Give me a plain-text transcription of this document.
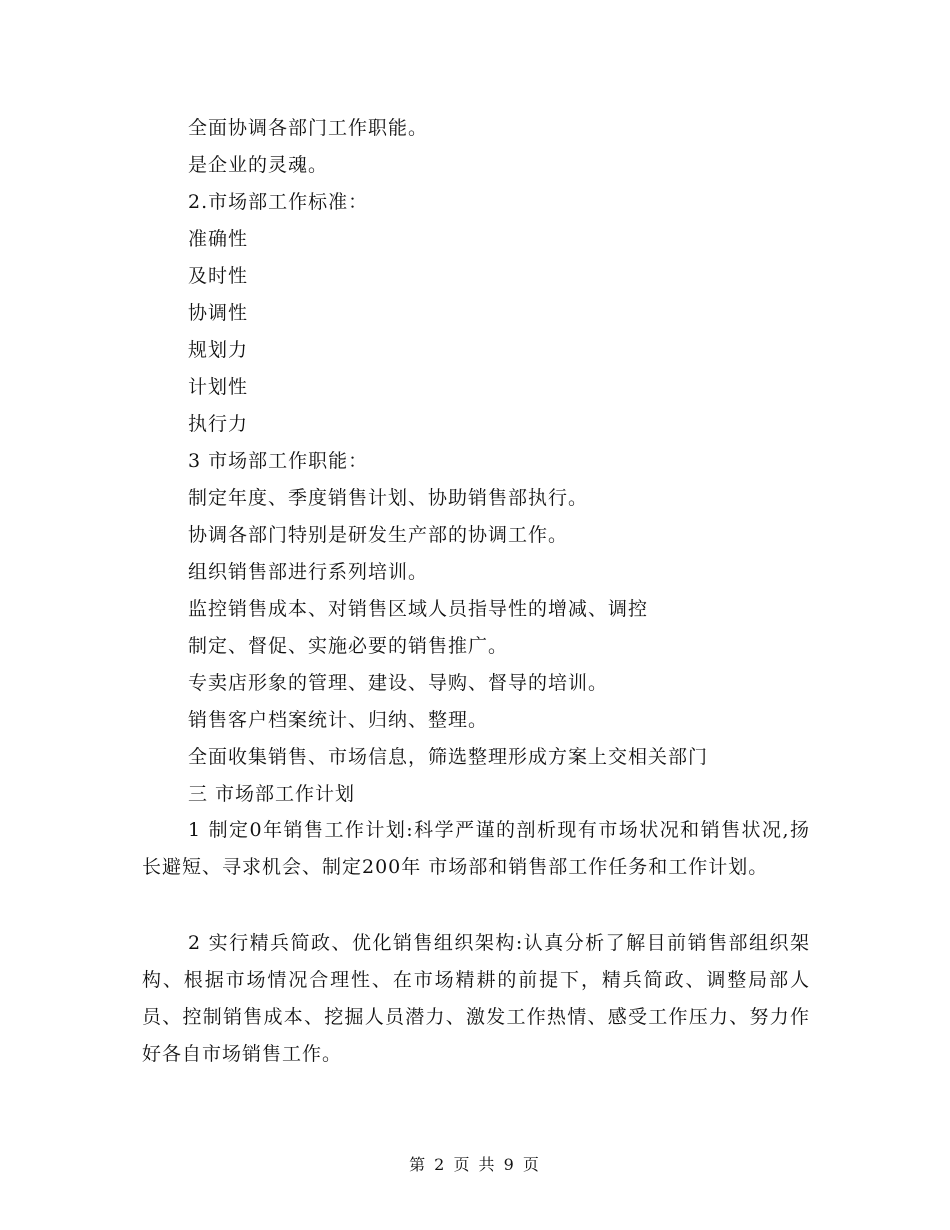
全面协调各部门工作职能。
是企业的灵魂。
2.市场部工作标准：
准确性
及时性
协调性
规划力
计划性
执行力
3 市场部工作职能：
制定年度、季度销售计划、协助销售部执行。
协调各部门特别是研发生产部的协调工作。
组织销售部进行系列培训。
监控销售成本、对销售区域人员指导性的增减、调控
制定、督促、实施必要的销售推广。
专卖店形象的管理、建设、导购、督导的培训。
销售客户档案统计、归纳、整理。
全面收集销售、市场信息，筛选整理形成方案上交相关部门
三 市场部工作计划
1 制定0年销售工作计划:科学严谨的剖析现有市场状况和销售状况,扬长避短、寻求机会、制定200年 市场部和销售部工作任务和工作计划。
2 实行精兵简政、优化销售组织架构:认真分析了解目前销售部组织架构、根据市场情况合理性、在市场精耕的前提下，精兵简政、调整局部人员、控制销售成本、挖掘人员潜力、激发工作热情、感受工作压力、努力作好各自市场销售工作。
第 2 页 共 9 页
